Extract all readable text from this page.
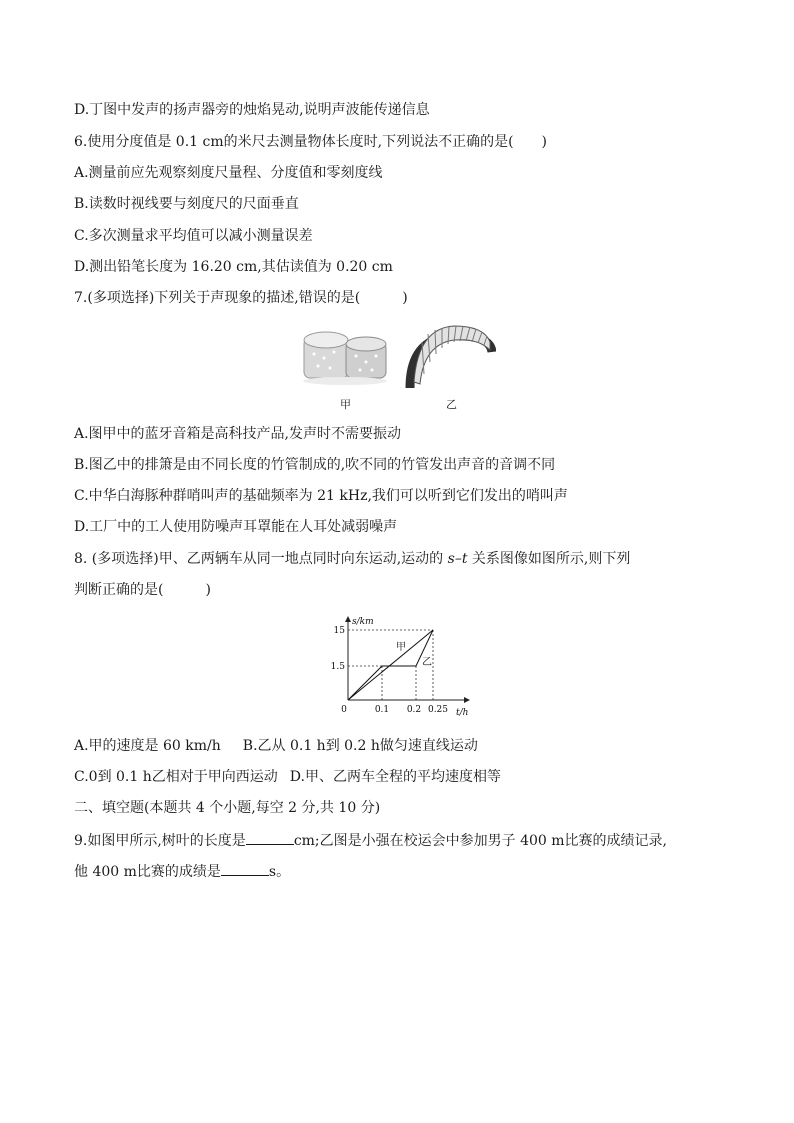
D.丁图中发声的扬声器旁的烛焰晃动,说明声波能传递信息
6.使用分度值是 0.1 cm的米尺去测量物体长度时,下列说法不正确的是(　　)
A.测量前应先观察刻度尺量程、分度值和零刻度线
B.读数时视线要与刻度尺的尺面垂直
C.多次测量求平均值可以减小测量误差
D.测出铅笔长度为 16.20 cm,其估读值为 0.20 cm
7.(多项选择)下列关于声现象的描述,错误的是(　　　)
甲	乙
A.图甲中的蓝牙音箱是高科技产品,发声时不需要振动
B.图乙中的排箫是由不同长度的竹管制成的,吹不同的竹管发出声音的音调不同
C.中华白海豚种群哨叫声的基础频率为 21 kHz,我们可以听到它们发出的哨叫声
D.工厂中的工人使用防噪声耳罩能在人耳处减弱噪声
8. (多项选择)甲、乙两辆车从同一地点同时向东运动,运动的 s–t 关系图像如图所示,则下列
判断正确的是(　　　)
甲
乙
s/km
t/h
0	0.1 0.2 0.25
1.5
15
A.甲的速度是 60 km/h B.乙从 0.1 h到 0.2 h做匀速直线运动
C.0到 0.1 h乙相对于甲向西运动 D.甲、乙两车全程的平均速度相等
二、填空题(本题共 4 个小题,每空 2 分,共 10 分)
9.如图甲所示,树叶的长度是	cm;乙图是小强在校运会中参加男子 400 m比赛的成绩记录,
他 400 m比赛的成绩是	s。
